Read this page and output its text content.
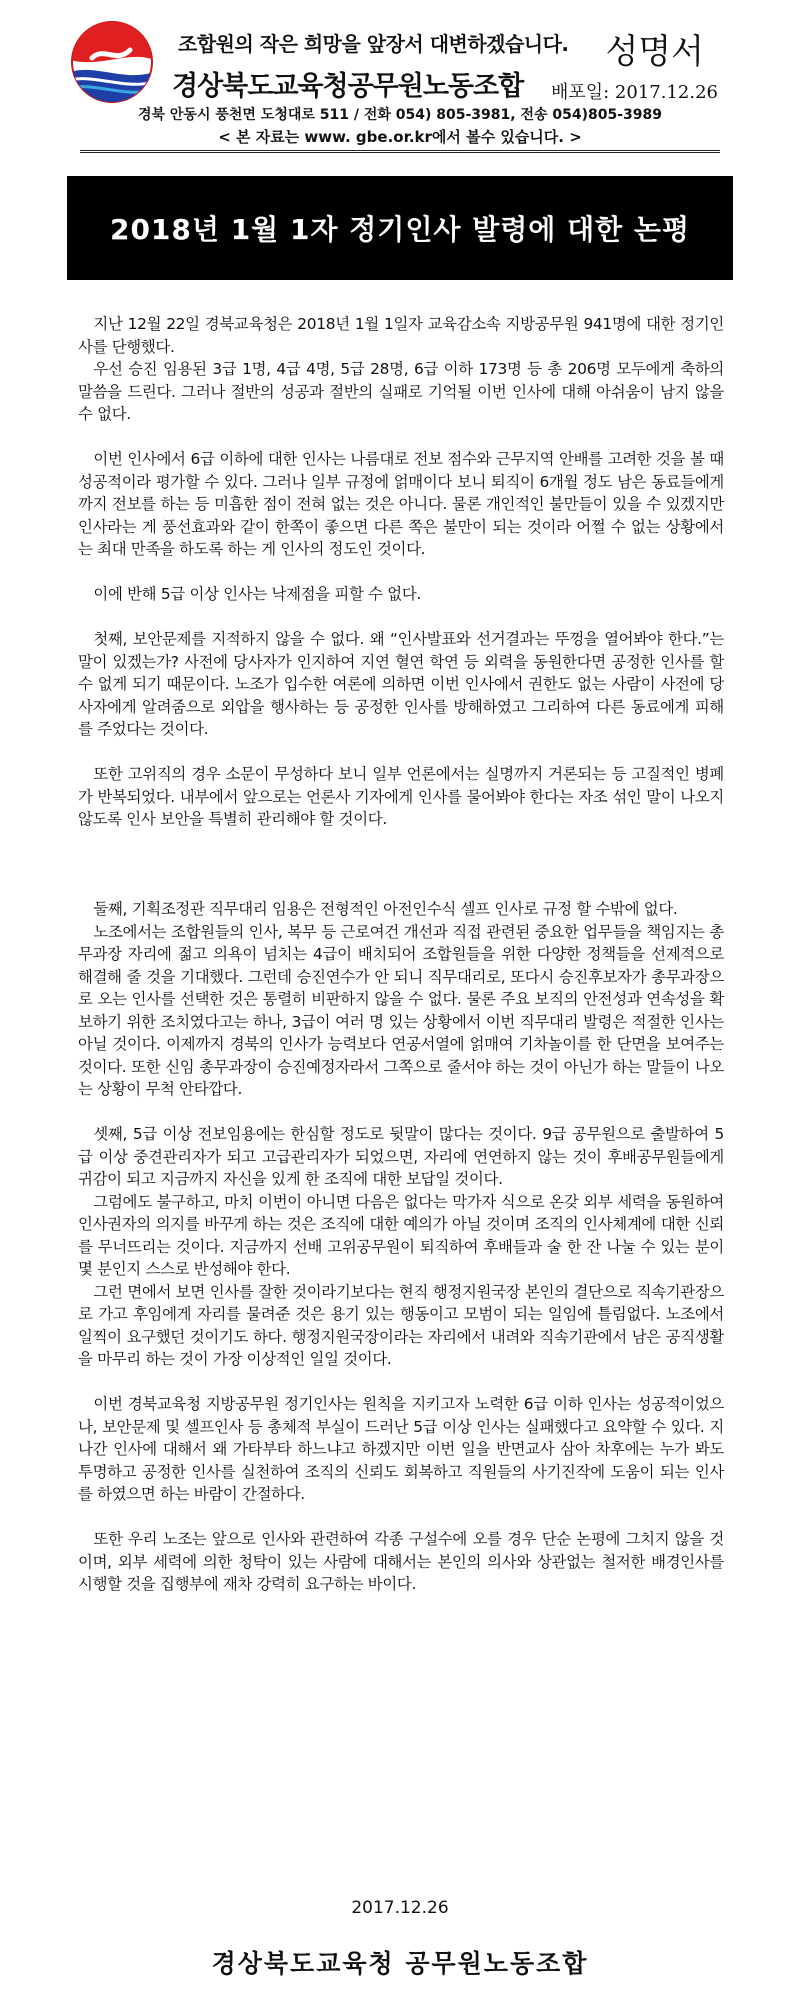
조합원의 작은 희망을 앞장서 대변하겠습니다.
경상북도교육청공무원노동조합
성명서
배포일: 2017.12.26
경북 안동시 풍천면 도청대로 511 / 전화 054) 805-3981, 전송 054)805-3989
< 본 자료는 www. gbe.or.kr에서 볼수 있습니다. >
2018년 1월 1자 정기인사 발령에 대한 논평

지난 12월 22일 경북교육청은 2018년 1월 1일자 교육감소속 지방공무원 941명에 대한 정기인사를 단행했다.

우선 승진 임용된 3급 1명, 4급 4명, 5급 28명, 6급 이하 173명 등 총 206명 모두에게 축하의 말씀을 드린다. 그러나 절반의 성공과 절반의 실패로 기억될 이번 인사에 대해 아쉬움이 남지 않을 수 없다.

이번 인사에서 6급 이하에 대한 인사는 나름대로 전보 점수와 근무지역 안배를 고려한 것을 볼 때 성공적이라 평가할 수 있다. 그러나 일부 규정에 얽매이다 보니 퇴직이 6개월 정도 남은 동료들에게 까지 전보를 하는 등 미흡한 점이 전혀 없는 것은 아니다. 물론 개인적인 불만들이 있을 수 있겠지만 인사라는 게 풍선효과와 같이 한쪽이 좋으면 다른 쪽은 불만이 되는 것이라 어쩔 수 없는 상황에서는 최대 만족을 하도록 하는 게 인사의 정도인 것이다.

이에 반해 5급 이상 인사는 낙제점을 피할 수 없다.

첫째, 보안문제를 지적하지 않을 수 없다. 왜 “인사발표와 선거결과는 뚜껑을 열어봐야 한다.”는 말이 있겠는가? 사전에 당사자가 인지하여 지연 혈연 학연 등 외력을 동원한다면 공정한 인사를 할 수 없게 되기 때문이다. 노조가 입수한 여론에 의하면 이번 인사에서 권한도 없는 사람이 사전에 당사자에게 알려줌으로 외압을 행사하는 등 공정한 인사를 방해하였고 그리하여 다른 동료에게 피해를 주었다는 것이다.

또한 고위직의 경우 소문이 무성하다 보니 일부 언론에서는 실명까지 거론되는 등 고질적인 병폐가 반복되었다. 내부에서 앞으로는 언론사 기자에게 인사를 물어봐야 한다는 자조 섞인 말이 나오지 않도록 인사 보안을 특별히 관리해야 할 것이다.

둘째, 기획조정관 직무대리 임용은 전형적인 아전인수식 셀프 인사로 규정 할 수밖에 없다.

노조에서는 조합원들의 인사, 복무 등 근로여건 개선과 직접 관련된 중요한 업무들을 책임지는 총무과장 자리에 젊고 의욕이 넘치는 4급이 배치되어 조합원들을 위한 다양한 정책들을 선제적으로 해결해 줄 것을 기대했다. 그런데 승진연수가 안 되니 직무대리로, 또다시 승진후보자가 총무과장으로 오는 인사를 선택한 것은 통렬히 비판하지 않을 수 없다. 물론 주요 보직의 안전성과 연속성을 확보하기 위한 조치였다고는 하나, 3급이 여러 명 있는 상황에서 이번 직무대리 발령은 적절한 인사는 아닐 것이다. 이제까지 경북의 인사가 능력보다 연공서열에 얽매여 기차놀이를 한 단면을 보여주는 것이다. 또한 신임 총무과장이 승진예정자라서 그쪽으로 줄서야 하는 것이 아닌가 하는 말들이 나오는 상황이 무척 안타깝다.

셋째, 5급 이상 전보임용에는 한심할 정도로 뒷말이 많다는 것이다. 9급 공무원으로 출발하여 5급 이상 중견관리자가 되고 고급관리자가 되었으면, 자리에 연연하지 않는 것이 후배공무원들에게 귀감이 되고 지금까지 자신을 있게 한 조직에 대한 보답일 것이다.

그럼에도 불구하고, 마치 이번이 아니면 다음은 없다는 막가자 식으로 온갖 외부 세력을 동원하여 인사권자의 의지를 바꾸게 하는 것은 조직에 대한 예의가 아닐 것이며 조직의 인사체계에 대한 신뢰를 무너뜨리는 것이다. 지금까지 선배 고위공무원이 퇴직하여 후배들과 술 한 잔 나눌 수 있는 분이 몇 분인지 스스로 반성해야 한다.

그런 면에서 보면 인사를 잘한 것이라기보다는 현직 행정지원국장 본인의 결단으로 직속기관장으로 가고 후임에게 자리를 물려준 것은 용기 있는 행동이고 모범이 되는 일임에 틀림없다. 노조에서 일찍이 요구했던 것이기도 하다. 행정지원국장이라는 자리에서 내려와 직속기관에서 남은 공직생활을 마무리 하는 것이 가장 이상적인 일일 것이다.

이번 경북교육청 지방공무원 정기인사는 원칙을 지키고자 노력한 6급 이하 인사는 성공적이었으나, 보안문제 및 셀프인사 등 총체적 부실이 드러난 5급 이상 인사는 실패했다고 요약할 수 있다. 지나간 인사에 대해서 왜 가타부타 하느냐고 하겠지만 이번 일을 반면교사 삼아 차후에는 누가 봐도 투명하고 공정한 인사를 실천하여 조직의 신뢰도 회복하고 직원들의 사기진작에 도움이 되는 인사를 하였으면 하는 바람이 간절하다.

또한 우리 노조는 앞으로 인사와 관련하여 각종 구설수에 오를 경우 단순 논평에 그치지 않을 것이며, 외부 세력에 의한 청탁이 있는 사람에 대해서는 본인의 의사와 상관없는 철저한 배경인사를 시행할 것을 집행부에 재차 강력히 요구하는 바이다.

2017.12.26
경상북도교육청 공무원노동조합
